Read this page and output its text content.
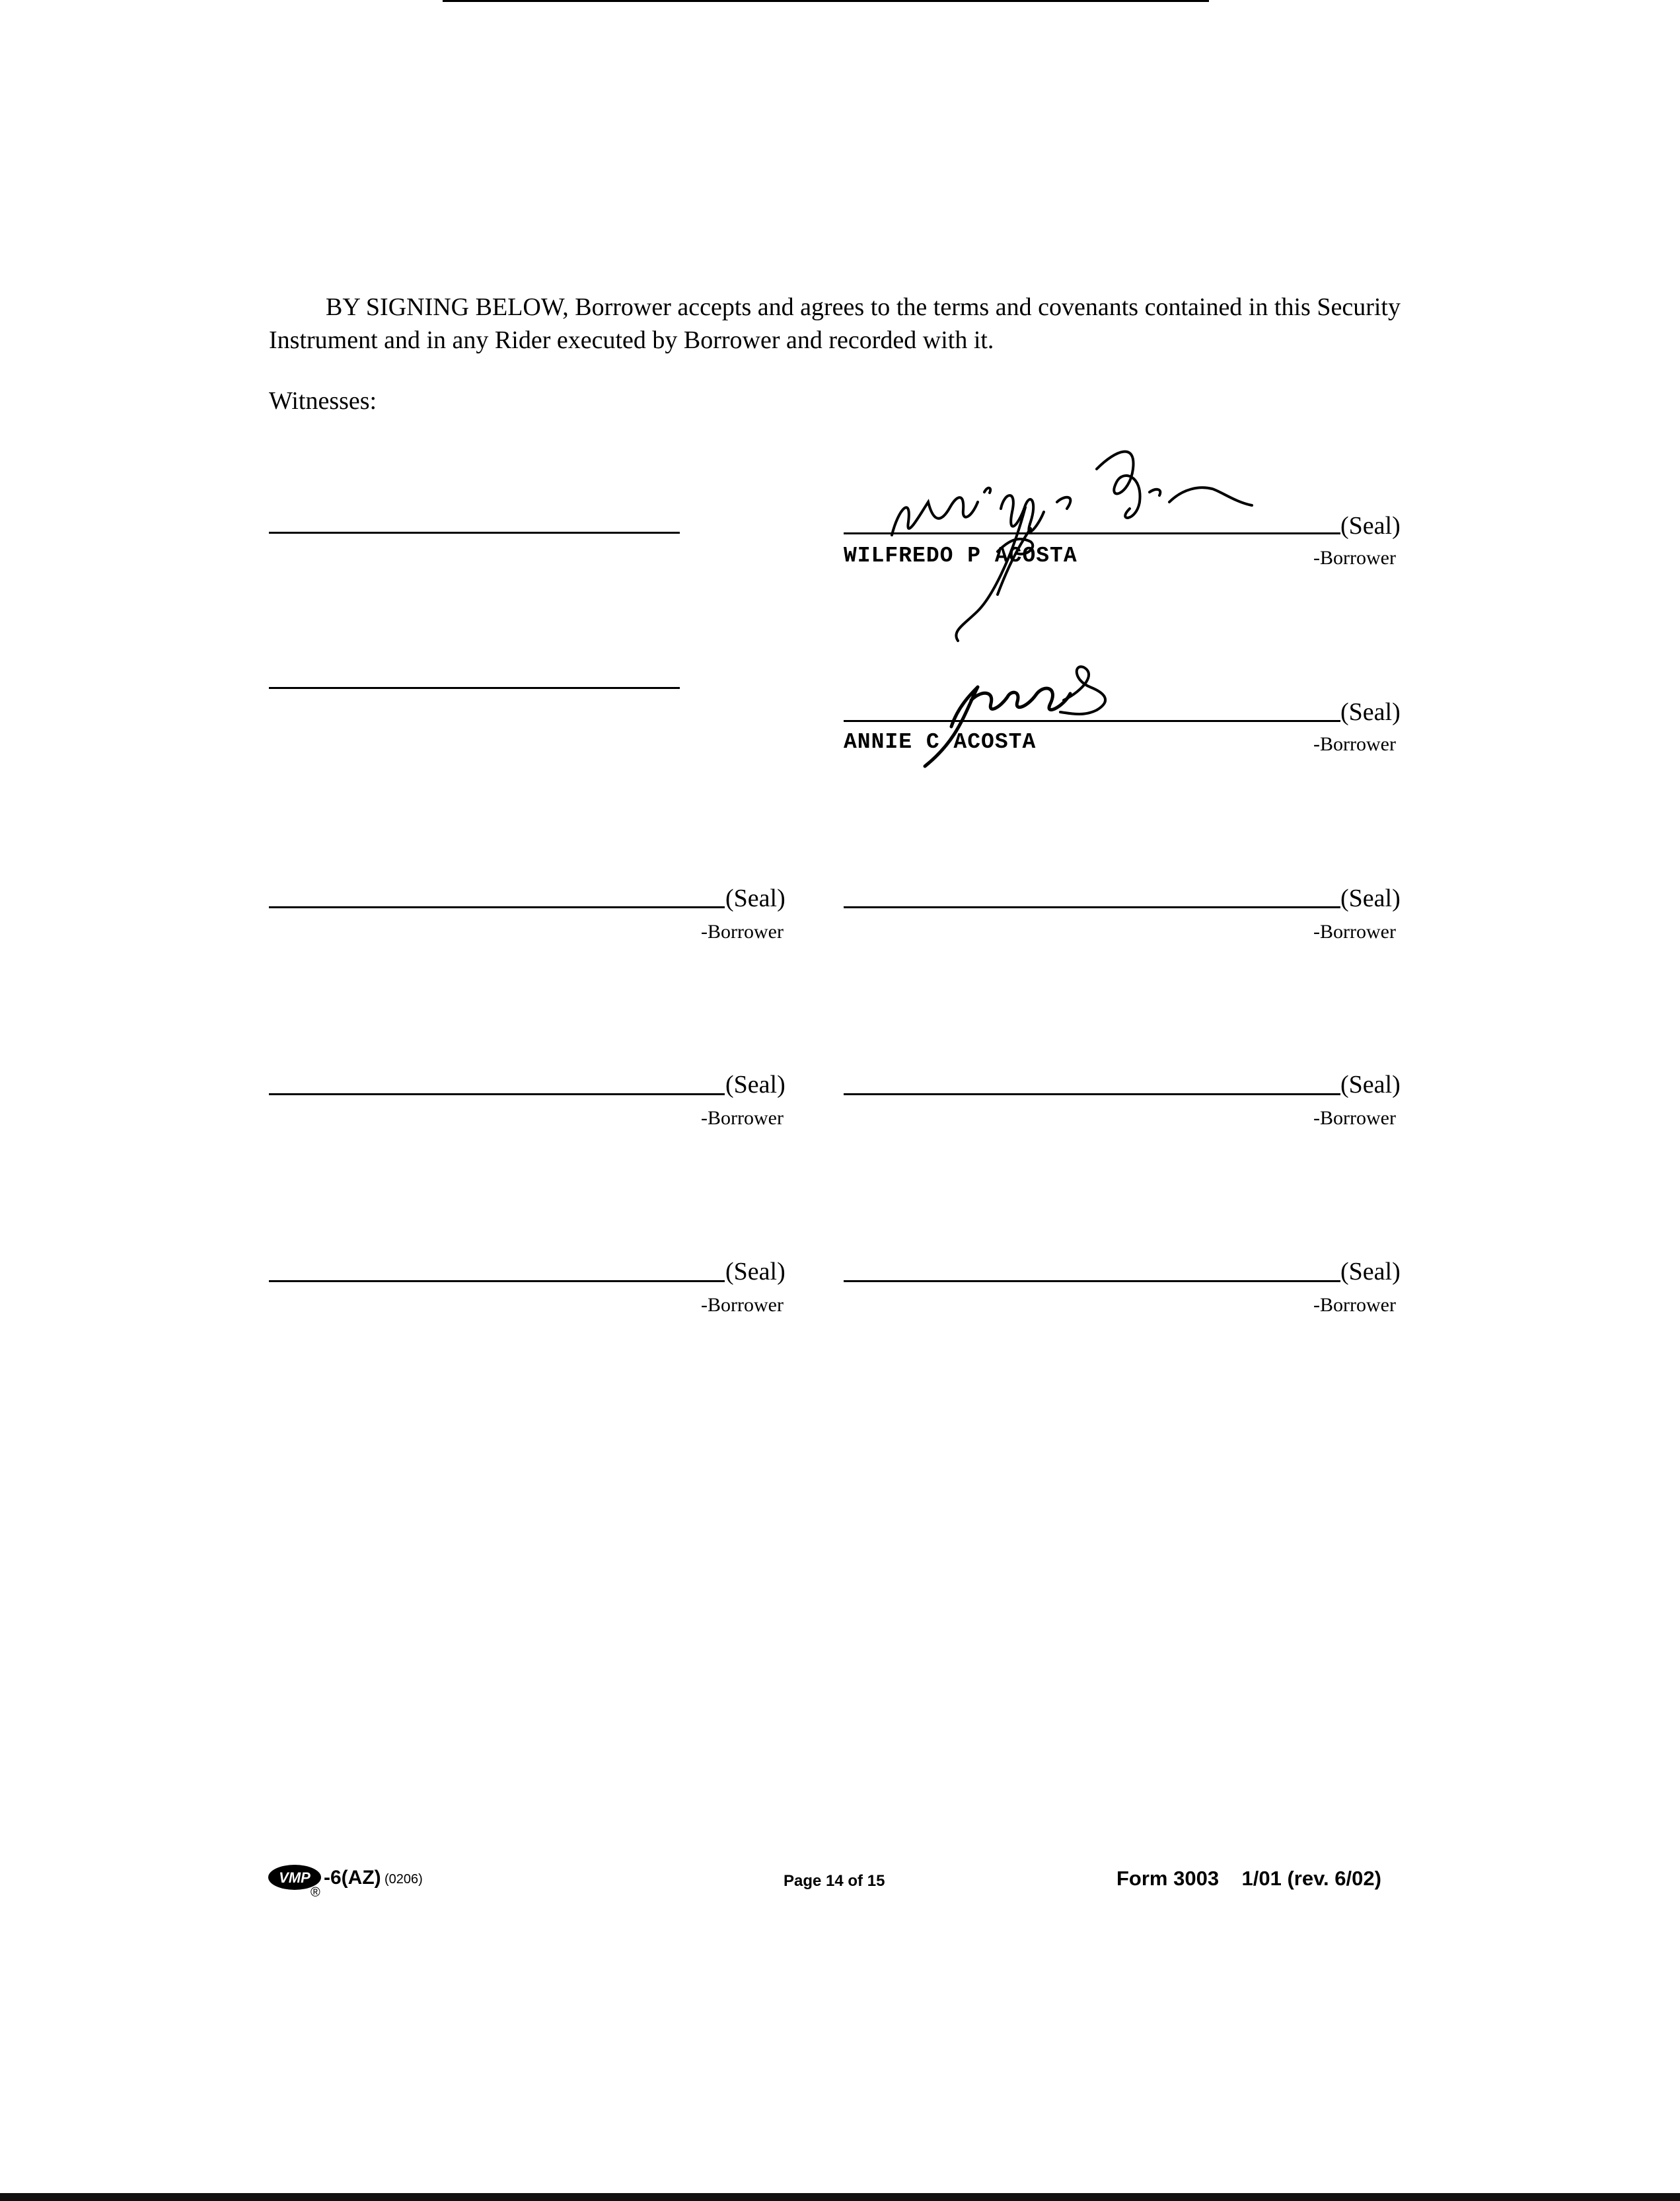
BY SIGNING BELOW, Borrower accepts and agrees to the terms and covenants contained in this Security Instrument and in any Rider executed by Borrower and recorded with it.

Witnesses:
(Seal)
WILFREDO P ACOSTA	-Borrower
(Seal)
ANNIE C ACOSTA	-Borrower
(Seal)
-Borrower
(Seal)
-Borrower
(Seal)
-Borrower
(Seal)
-Borrower
(Seal)
-Borrower
(Seal)
-Borrower
VMP -6(AZ) (0206)
®
Page 14 of 15	Form 3003    1/01 (rev. 6/02)
